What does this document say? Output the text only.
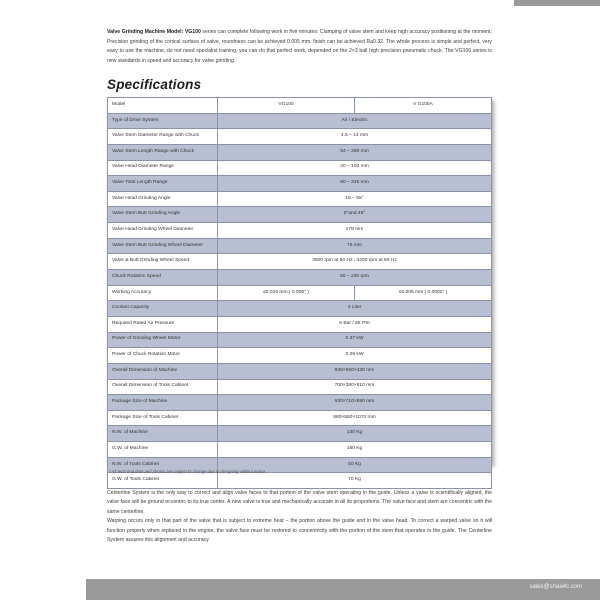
Valve Grinding Machine Model: VG100 series can complete following work in five minutes: Clamping of valve stem and keep high accuracy positioning at the moment; Precision grinding of the conical surface of valve, roundness can be achieved 0.005 mm, finish can be achieved Ra0.32. The whole process is simple and perfect, very easy to use the machine, do not need specialist training, you can do that perfect work, depended on the 2×3 ball high precision pneumatic chuck. The VG100 series is new standards in speed and accuracy for valve grinding.

Specifications
Model	VG100	V G100A
Type of Drive System	Air / Electric	
Valve Stem Diameter Range with Chuck	4.5 – 14 mm	
Valve Stem Length Range with Chuck	54 – 280 mm	
Valve Head Diameter Range	20 – 102 mm	
Valve Total Length Range	80 – 315 mm	
Valve Head Grinding Angle	15 – 55°	
Valve Stem Butt Grinding Angle	0°and 45°	
Valve Head Grinding Wheel Diameter	178 mm	
Valve Stem Butt Grinding Wheel Diameter	76 mm	
Valve & Butt Grinding Wheel Speed	3500 rpm at 50 Hz ; 4200 rpm at 60 Hz	
Chuck Rotation Speed	50 – 230 rpm	
Working Accuracy	≤0.015 mm ( 0.006" )	≤0.005 mm ( 0.0002" )
Coolant Capacity	3 Liter	
Required Rated Air Pressure	6 Bar / 85 PSI	
Power of Grinding Wheel Motor	0.37 kW	
Power of Chuck Rotation Motor	0.09 kW	
Overall Dimension of Machine	945×650×430 mm	
Overall Dimension of Tools Cabinet	700×380×810 mm	
Package Size of Machine	930×710×890 mm	
Package Size of Tools Cabinet	880×550×1070 mm	
N.W. of Machine	130 Kg	
G.W. of Machine	160 Kg	
N.W. of Tools Cabinet	50 Kg	
G.W. of Tools Cabinet	70 Kg	

* All technical data and photos are subject to change due to designing without notice.

Centerline System is the only way to correct and align valve faces to that portion of the valve stem operating in the guide. Unless a valve is scientifically aligned, the valve face will be ground eccentric to its true center. A new valve is true and mechanically accurate in all its proportions. The valve face and stem are concentric with the same centerline.

Warping occurs only in that part of the valve that is subject to extreme heat – the portion above the guide and in the valve head. To correct a warped valve so it will function properly when replaced in the engine, the valve face must be restored to concentricity with the portion of the stem that operates in the guide. The Centerline System assures this alignment and accuracy.

sales@shaa4c.com
